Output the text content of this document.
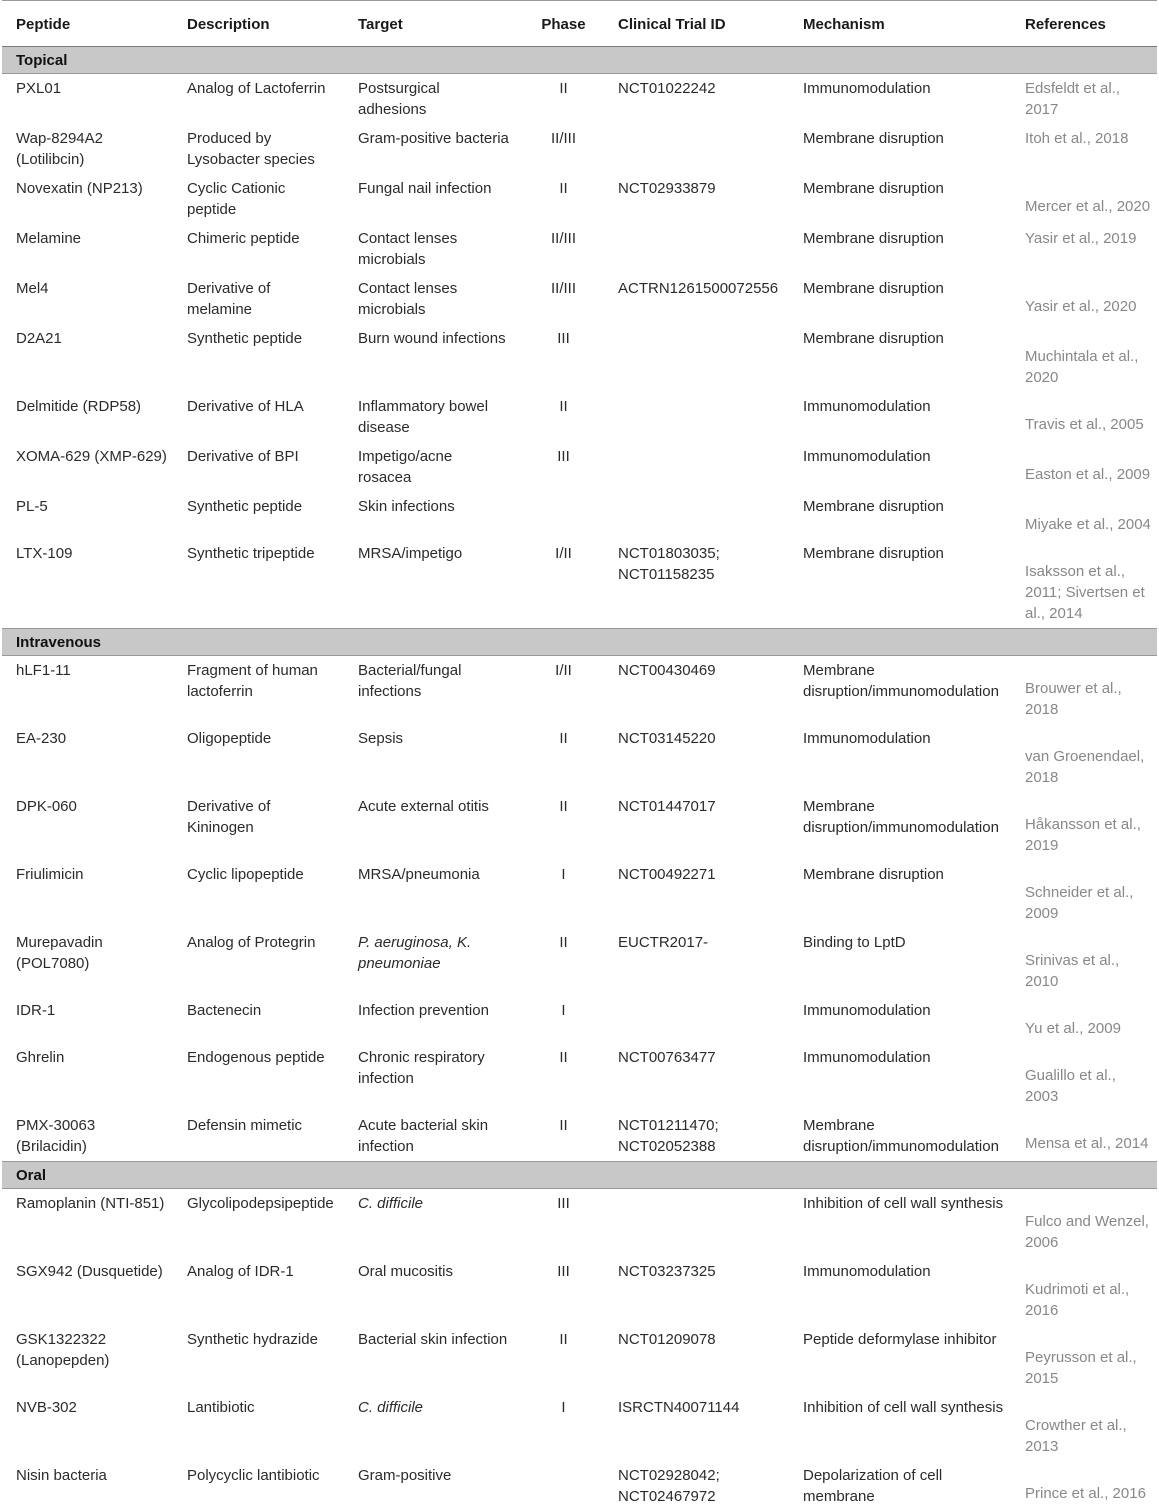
Peptide	Description	Target	Phase	Clinical Trial ID	Mechanism	References
Topical						
PXL01	Analog of Lactoferrin	Postsurgical adhesions	II	NCT01022242	Immunomodulation	Edsfeldt et al., 2017

Wap-8294A2 (Lotilibcin)	Produced by Lysobacter species	Gram-positive bacteria	II/III		Membrane disruption	Itoh et al., 2018

Novexatin (NP213)	Cyclic Cationic peptide	Fungal nail infection	II	NCT02933879	Membrane disruption	Mercer et al., 2020

Melamine	Chimeric peptide	Contact lenses microbials	II/III		Membrane disruption	Yasir et al., 2019

Mel4	Derivative of melamine	Contact lenses microbials	II/III	ACTRN1261500072556	Membrane disruption	Yasir et al., 2020

D2A21	Synthetic peptide	Burn wound infections	III		Membrane disruption	Muchintala et al., 2020

Delmitide (RDP58)	Derivative of HLA	Inflammatory bowel disease	II		Immunomodulation	Travis et al., 2005

XOMA-629 (XMP-629)	Derivative of BPI	Impetigo/acne rosacea	III		Immunomodulation	Easton et al., 2009

PL-5	Synthetic peptide	Skin infections			Membrane disruption	Miyake et al., 2004

LTX-109	Synthetic tripeptide	MRSA/impetigo	I/II	NCT01803035; NCT01158235	Membrane disruption	Isaksson et al., 2011; Sivertsen et al., 2014

Intravenous						
hLF1-11	Fragment of human lactoferrin	Bacterial/fungal infections	I/II	NCT00430469	Membrane disruption/immunomodulation	Brouwer et al., 2018

EA-230	Oligopeptide	Sepsis	II	NCT03145220	Immunomodulation	van Groenendael, 2018

DPK-060	Derivative of Kininogen	Acute external otitis	II	NCT01447017	Membrane disruption/immunomodulation	Håkansson et al., 2019

Friulimicin	Cyclic lipopeptide	MRSA/pneumonia	I	NCT00492271	Membrane disruption	Schneider et al., 2009

Murepavadin (POL7080)	Analog of Protegrin	P. aeruginosa, K. pneumoniae	II	EUCTR2017-	Binding to LptD	Srinivas et al., 2010

IDR-1	Bactenecin	Infection prevention	I		Immunomodulation	Yu et al., 2009

Ghrelin	Endogenous peptide	Chronic respiratory infection	II	NCT00763477	Immunomodulation	Gualillo et al., 2003

PMX-30063 (Brilacidin)	Defensin mimetic	Acute bacterial skin infection	II	NCT01211470; NCT02052388	Membrane disruption/immunomodulation	Mensa et al., 2014

Oral						
Ramoplanin (NTI-851)	Glycolipodepsipeptide	C. difficile	III		Inhibition of cell wall synthesis	Fulco and Wenzel, 2006

SGX942 (Dusquetide)	Analog of IDR-1	Oral mucositis	III	NCT03237325	Immunomodulation	Kudrimoti et al., 2016

GSK1322322 (Lanopepden)	Synthetic hydrazide	Bacterial skin infection	II	NCT01209078	Peptide deformylase inhibitor	Peyrusson et al., 2015

NVB-302	Lantibiotic	C. difficile	I	ISRCTN40071144	Inhibition of cell wall synthesis	Crowther et al., 2013

Nisin bacteria	Polycyclic lantibiotic	Gram-positive		NCT02928042; NCT02467972	Depolarization of cell membrane	Prince et al., 2016
